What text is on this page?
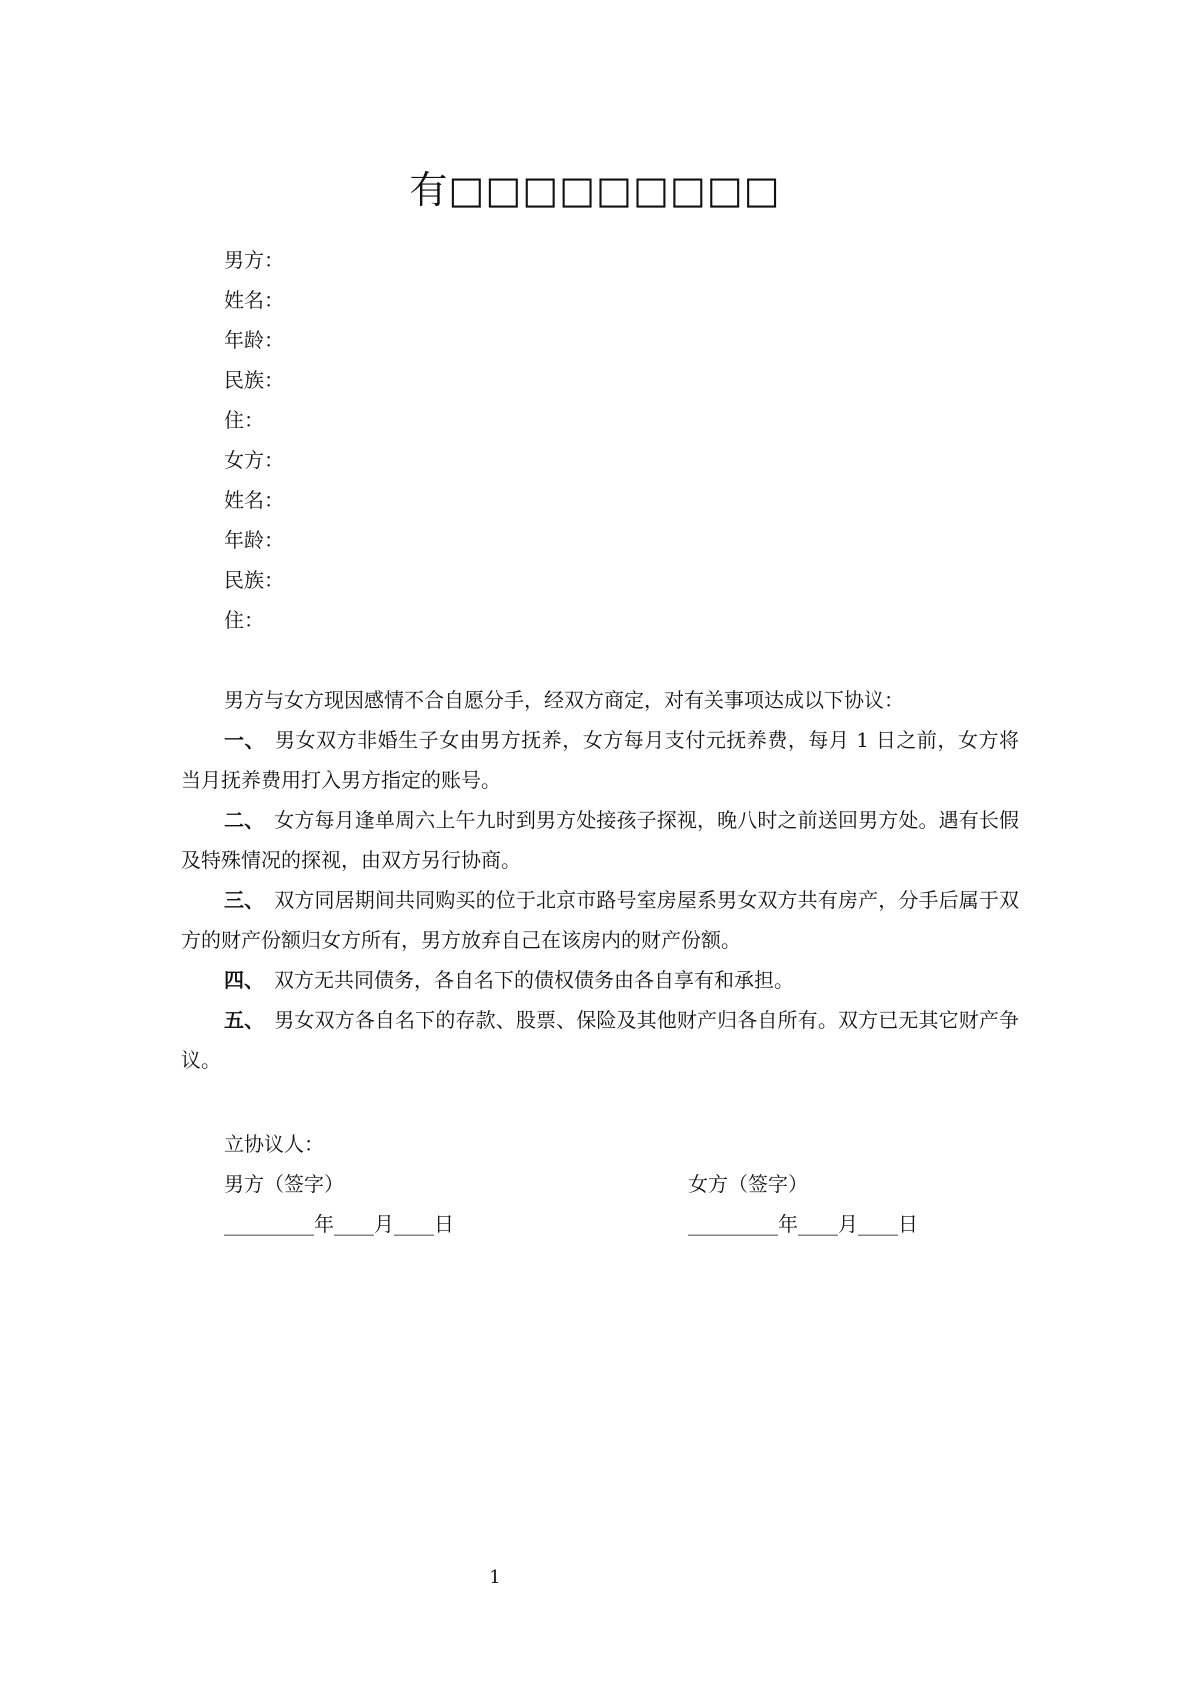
有□□□□□□□□□
男方：
姓名：
年龄：
民族：
住：
女方：
姓名：
年龄：
民族：
住：

男方与女方现因感情不合自愿分手，经双方商定，对有关事项达成以下协议：

一、 男女双方非婚生子女由男方抚养，女方每月支付元抚养费，每月 1 日之前，女方将当月抚养费用打入男方指定的账号。

二、 女方每月逢单周六上午九时到男方处接孩子探视，晚八时之前送回男方处。遇有长假及特殊情况的探视，由双方另行协商。

三、 双方同居期间共同购买的位于北京市路号室房屋系男女双方共有房产，分手后属于双方的财产份额归女方所有，男方放弃自己在该房内的财产份额。

四、 双方无共同债务，各自名下的债权债务由各自享有和承担。

五、 男女双方各自名下的存款、股票、保险及其他财产归各自所有。双方已无其它财产争议。

立协议人：
男方（签字）	女方（签字）
_________年____月____日	_________年____月____日
1
